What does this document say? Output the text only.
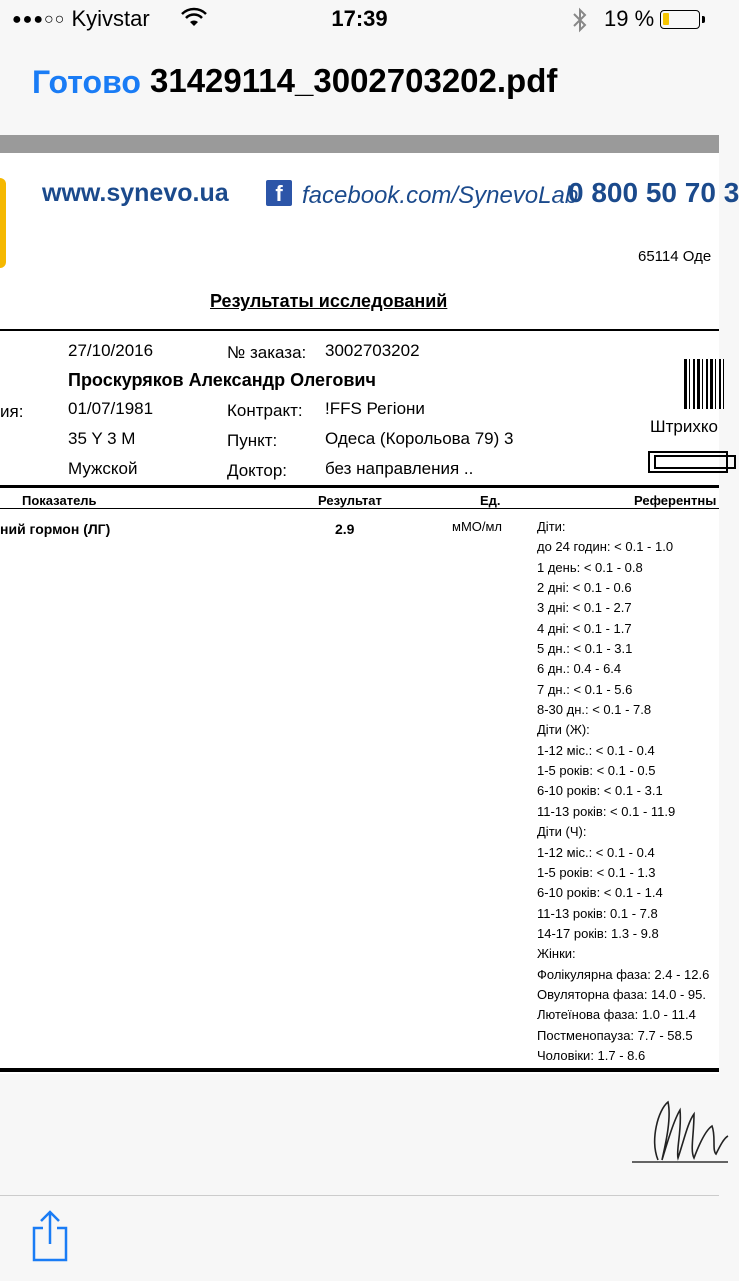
●●●○○ Kyivstar	17:39	19 %
Готово 31429114_3002703202.pdf
www.synevo.ua	f facebook.com/SynevoLab
0 800 50 70 3
65114 Оде
Результаты исследований
27/10/2016	№ заказа: 3002703202
Проскуряков Александр Олегович
ия:	01/07/1981	Контракт: !FFS Регіони
35 Y 3 M	Пункт:	Одеса (Корольова 79) 3
Мужской	Доктор: без направления ..
Штрихко
Показатель	Результат	Ед.	Референтны
ний гормон (ЛГ)	2.9	мМО/мл	Діти:
до 24 годин: < 0.1 - 1.0
1 день: < 0.1 - 0.8
2 дні: < 0.1 - 0.6
3 дні: < 0.1 - 2.7
4 дні: < 0.1 - 1.7
5 дн.: < 0.1 - 3.1
6 дн.: 0.4 - 6.4
7 дн.: < 0.1 - 5.6
8-30 дн.: < 0.1 - 7.8
Діти (Ж):
1-12 міс.: < 0.1 - 0.4
1-5 років: < 0.1 - 0.5
6-10 років: < 0.1 - 3.1
11-13 років: < 0.1 - 11.9
Діти (Ч):
1-12 міс.: < 0.1 - 0.4
1-5 років: < 0.1 - 1.3
6-10 років: < 0.1 - 1.4
11-13 років: 0.1 - 7.8
14-17 років: 1.3 - 9.8
Жінки:
Фолікулярна фаза: 2.4 - 12.6
Овуляторна фаза: 14.0 - 95.
Лютеїнова фаза: 1.0 - 11.4
Постменопауза: 7.7 - 58.5
Чоловіки: 1.7 - 8.6
